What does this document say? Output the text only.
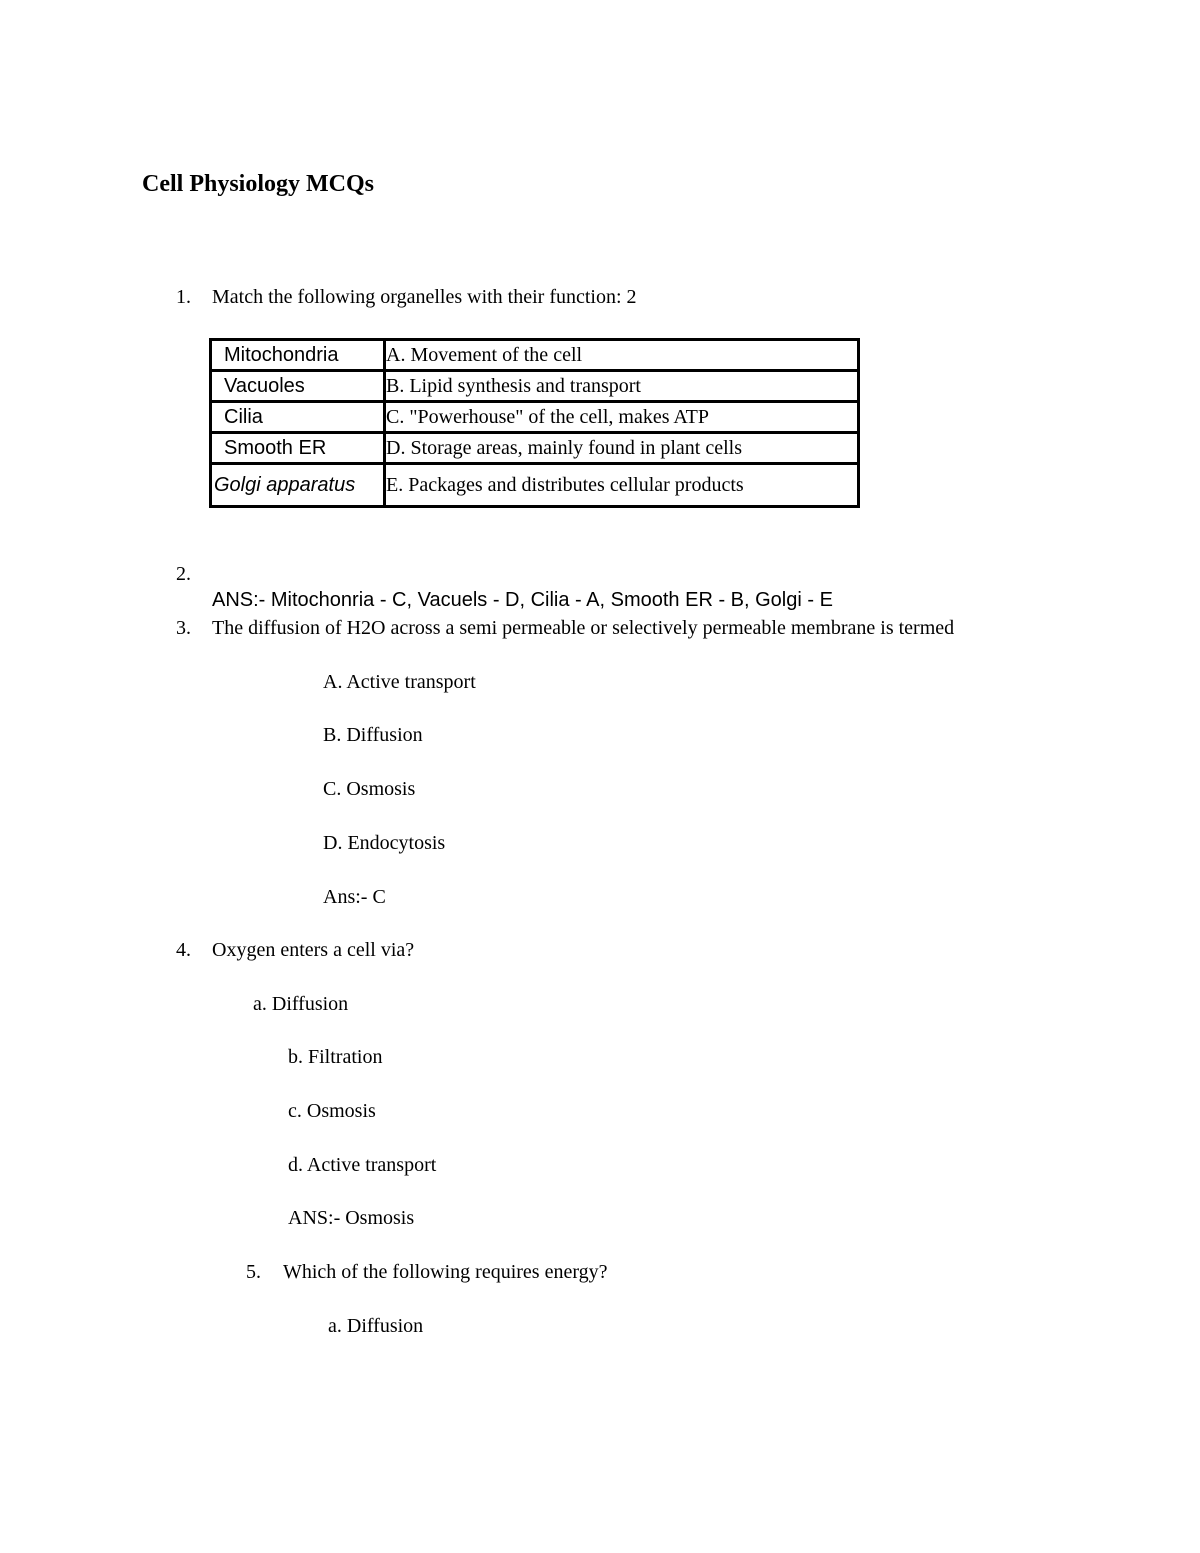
Cell Physiology MCQs
1. Match the following organelles with their function: 2
Mitochondria	A. Movement of the cell
Vacuoles	B. Lipid synthesis and transport
Cilia	C. "Powerhouse" of the cell, makes ATP
Smooth ER	D. Storage areas, mainly found in plant cells
Golgi apparatus	E. Packages and distributes cellular products
2.
ANS:- Mitochonria - C, Vacuels - D, Cilia - A, Smooth ER - B, Golgi - E
3. The diffusion of H2O across a semi permeable or selectively permeable membrane is termed
A. Active transport
B. Diffusion
C. Osmosis
D. Endocytosis
Ans:- C
4. Oxygen enters a cell via?
a. Diffusion
b. Filtration
c. Osmosis
d. Active transport
ANS:- Osmosis
5. Which of the following requires energy?
a. Diffusion
